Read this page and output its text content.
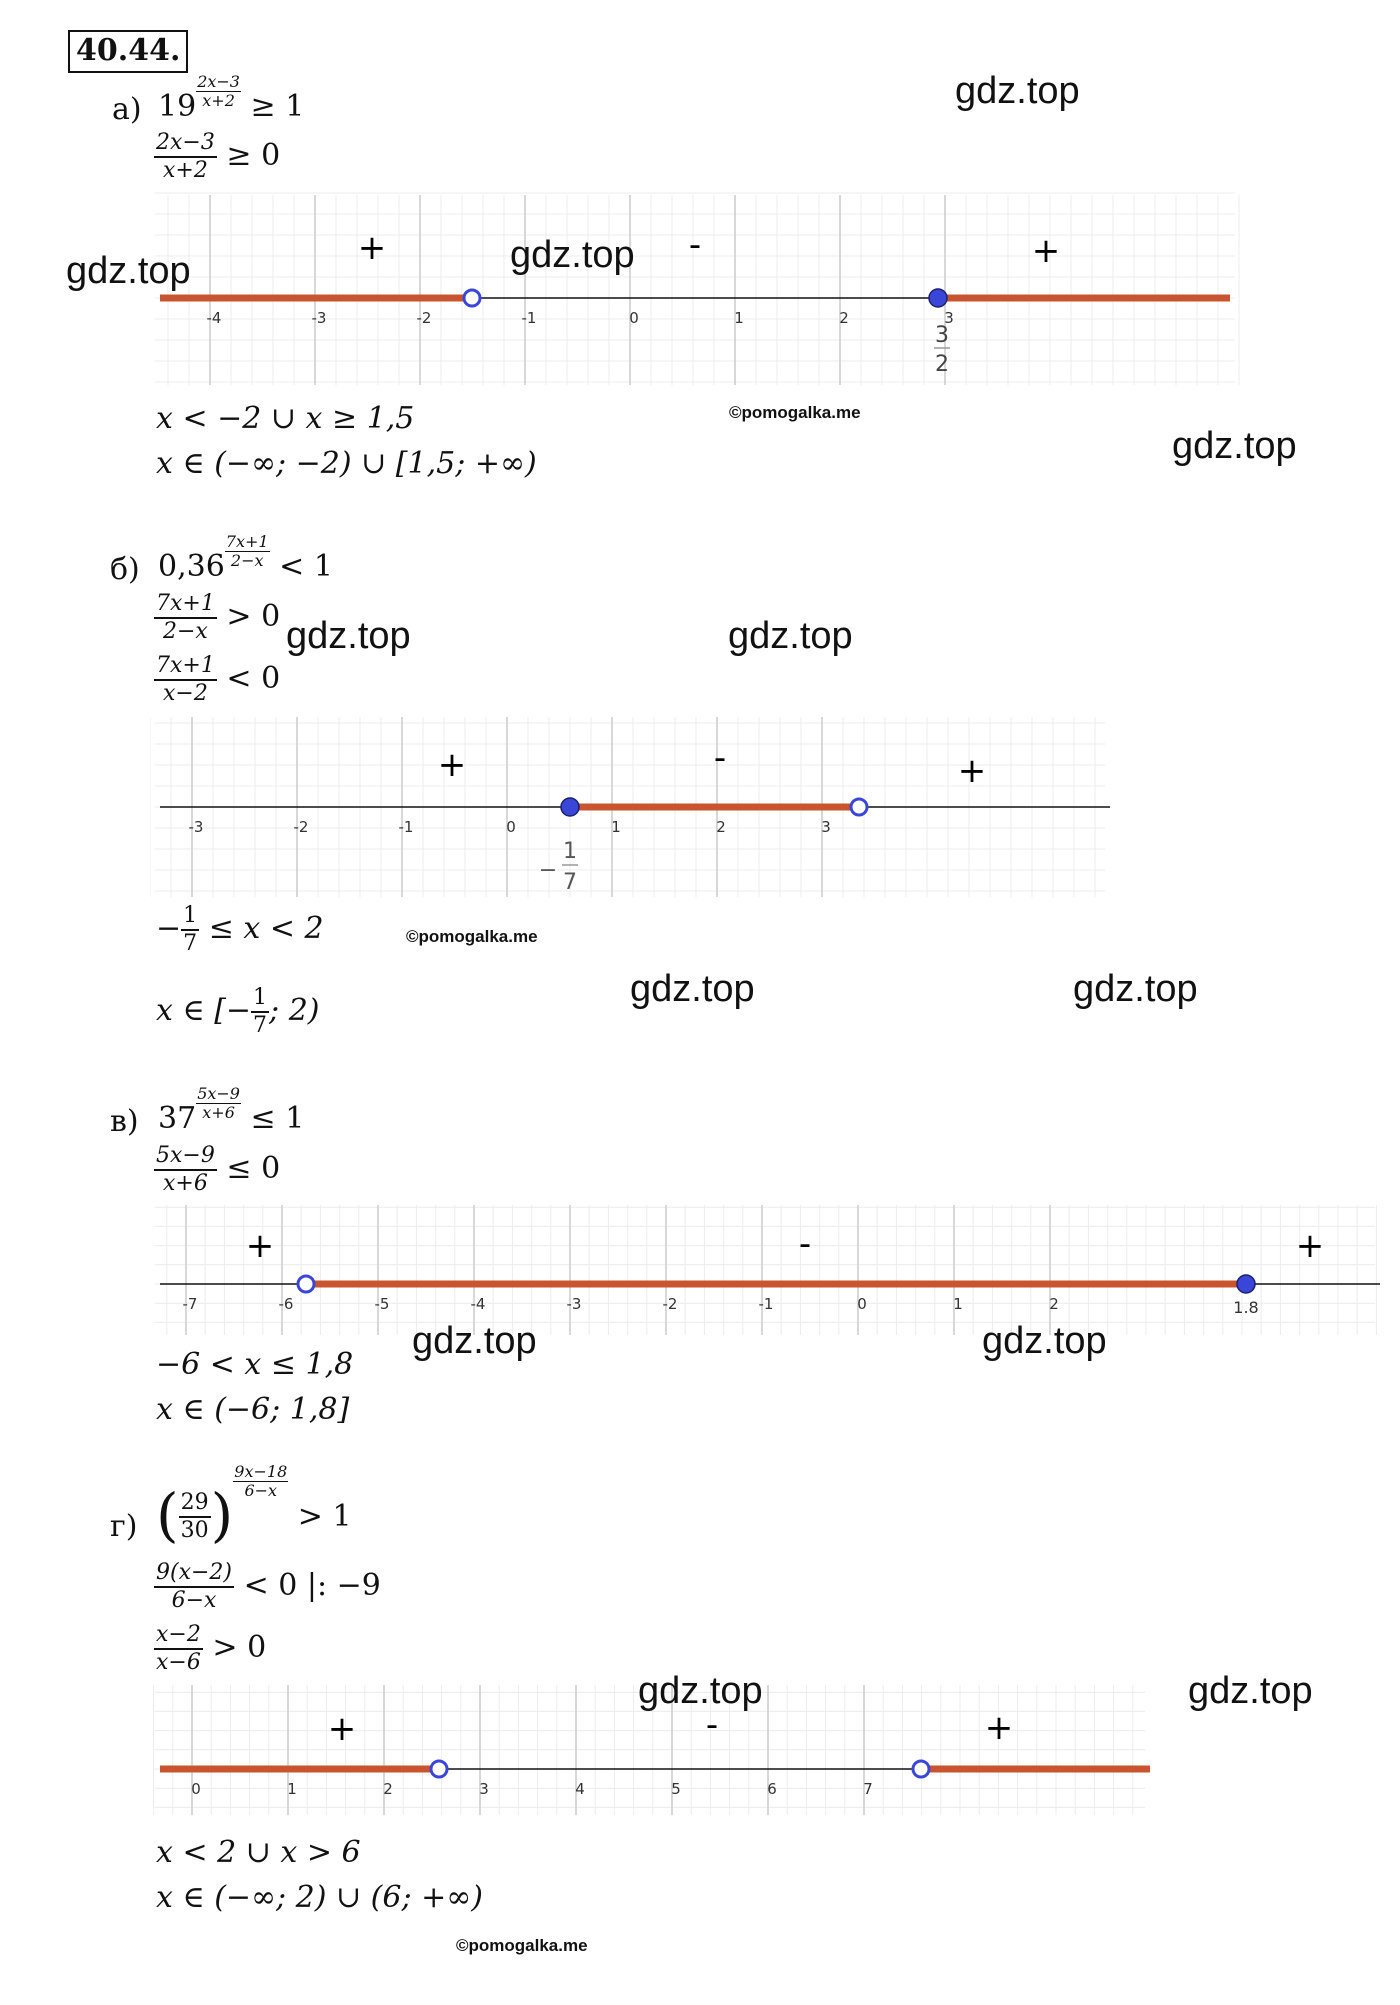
40.44.
а) $19 \frac{2x-3}{x+2} \ge 1$
$\frac{2x-3}{x+2} \ge 0$
-4	-3	-2	-1	0	1	2	3
+	-	+
3
2
x < −2 ∪ x ≥ 1,5
x ∈ (−∞; −2) ∪ [1,5; +∞)
б) $0,36 \frac{7x+1}{2-x} < 1$
$\frac{7x+1}{2-x} > 0$
$\frac{7x+1}{x-2} < 0$
-3	-2	-1	0	1	2	3
+	-	+
−
1
7
− $\frac{1}{7} \le x < 2$
x ∈ [− $\frac{1}{7}$ ; 2)
в) $37 \frac{5x-9}{x+6} \le 1$
$\frac{5x-9}{x+6} \le 0$
-7	-6	-5	-4	-3	-2	-1	0	1	2
+	-	+
1.8
−6 < x ≤ 1,8
x ∈ (−6; 1,8]
г) ( $\frac{29}{30}$ ) $\frac{9x-18}{6-x}$
> 1
$\frac{9(x-2)}{6-x} < 0$ |: −9
$\frac{x-2}{x-6} > 0$
0	1	2	3	4	5	6	7
+	-	+
x < 2 ∪ x > 6
x ∈ (−∞; 2) ∪ (6; +∞)
gdz.top
gdz.top	gdz.top
gdz.top
gdz.top	gdz.top
gdz.top	gdz.top
gdz.top	gdz.top
gdz.top	gdz.top
©pomogalka.me
©pomogalka.me
©pomogalka.me
